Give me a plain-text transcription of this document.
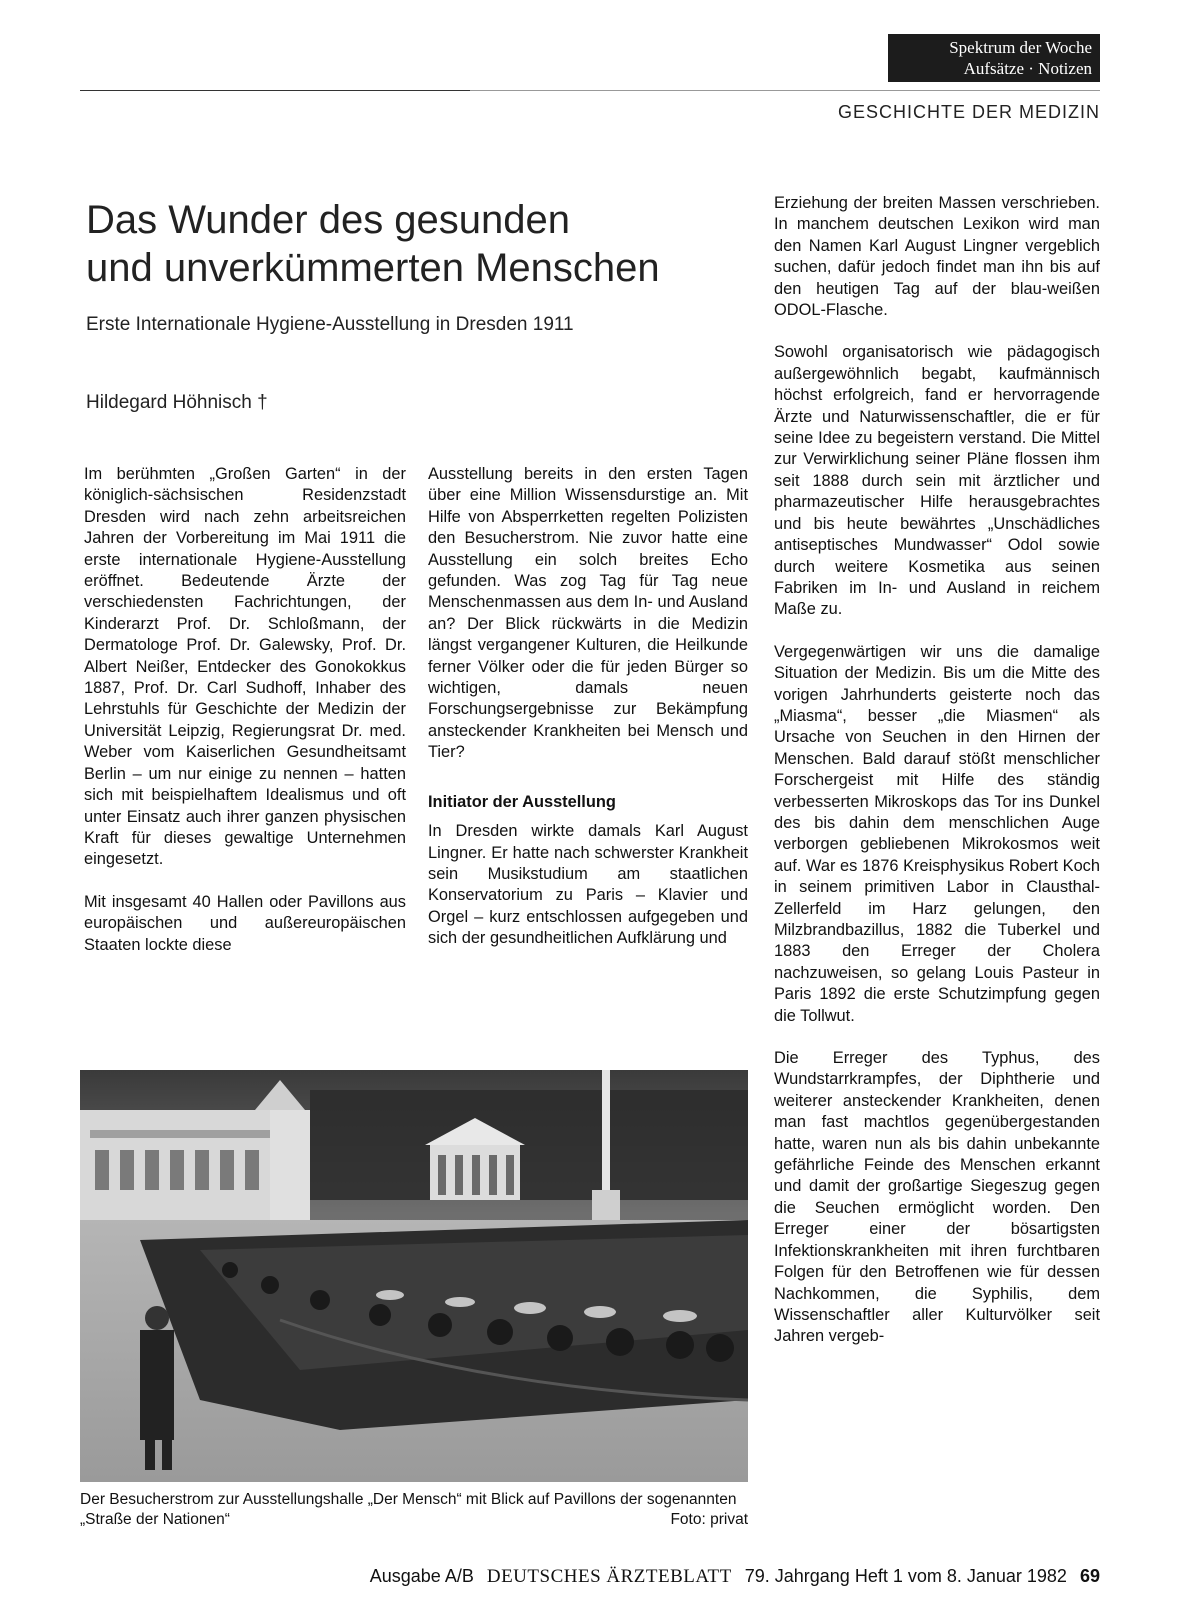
Spektrum der Woche
Aufsätze · Notizen
GESCHICHTE DER MEDIZIN
Das Wunder des gesunden
und unverkümmerten Menschen
Erste Internationale Hygiene-Ausstellung in Dresden 1911
Hildegard Höhnisch †

Im berühmten „Großen Garten“ in der königlich-sächsischen Residenzstadt Dresden wird nach zehn arbeitsreichen Jahren der Vorbereitung im Mai 1911 die erste internationale Hygiene-Ausstellung eröffnet. Bedeutende Ärzte der verschiedensten Fachrichtungen, der Kinderarzt Prof. Dr. Schloßmann, der Dermatologe Prof. Dr. Galewsky, Prof. Dr. Albert Neißer, Entdecker des Gonokokkus 1887, Prof. Dr. Carl Sudhoff, Inhaber des Lehrstuhls für Geschichte der Medizin der Universität Leipzig, Regierungsrat Dr. med. Weber vom Kaiserlichen Gesundheitsamt Berlin – um nur einige zu nennen – hatten sich mit beispielhaftem Idealismus und oft unter Einsatz auch ihrer ganzen physischen Kraft für dieses gewaltige Unternehmen eingesetzt.

Mit insgesamt 40 Hallen oder Pavillons aus europäischen und außereuropäischen Staaten lockte diese

Ausstellung bereits in den ersten Tagen über eine Million Wissensdurstige an. Mit Hilfe von Absperrketten regelten Polizisten den Besucherstrom. Nie zuvor hatte eine Ausstellung ein solch breites Echo gefunden. Was zog Tag für Tag neue Menschenmassen aus dem In- und Ausland an? Der Blick rückwärts in die Medizin längst vergangener Kulturen, die Heilkunde ferner Völker oder die für jeden Bürger so wichtigen, damals neuen Forschungsergebnisse zur Bekämpfung ansteckender Krankheiten bei Mensch und Tier?

Initiator der Ausstellung

In Dresden wirkte damals Karl August Lingner. Er hatte nach schwerster Krankheit sein Musikstudium am staatlichen Konservatorium zu Paris – Klavier und Orgel – kurz entschlossen aufgegeben und sich der gesundheitlichen Aufklärung und

Erziehung der breiten Massen verschrieben. In manchem deutschen Lexikon wird man den Namen Karl August Lingner vergeblich suchen, dafür jedoch findet man ihn bis auf den heutigen Tag auf der blau-weißen ODOL-Flasche.

Sowohl organisatorisch wie pädagogisch außergewöhnlich begabt, kaufmännisch höchst erfolgreich, fand er hervorragende Ärzte und Naturwissenschaftler, die er für seine Idee zu begeistern verstand. Die Mittel zur Verwirklichung seiner Pläne flossen ihm seit 1888 durch sein mit ärztlicher und pharmazeutischer Hilfe herausgebrachtes und bis heute bewährtes „Unschädliches antiseptisches Mundwasser“ Odol sowie durch weitere Kosmetika aus seinen Fabriken im In- und Ausland in reichem Maße zu.

Vergegenwärtigen wir uns die damalige Situation der Medizin. Bis um die Mitte des vorigen Jahrhunderts geisterte noch das „Miasma“, besser „die Miasmen“ als Ursache von Seuchen in den Hirnen der Menschen. Bald darauf stößt menschlicher Forschergeist mit Hilfe des ständig verbesserten Mikroskops das Tor ins Dunkel des bis dahin dem menschlichen Auge verborgen gebliebenen Mikrokosmos weit auf. War es 1876 Kreisphysikus Robert Koch in seinem primitiven Labor in Clausthal-Zellerfeld im Harz gelungen, den Milzbrandbazillus, 1882 die Tuberkel und 1883 den Erreger der Cholera nachzuweisen, so gelang Louis Pasteur in Paris 1892 die erste Schutzimpfung gegen die Tollwut.

Die Erreger des Typhus, des Wundstarrkrampfes, der Diphtherie und weiterer ansteckender Krankheiten, denen man fast machtlos gegenübergestanden hatte, waren nun als bis dahin unbekannte gefährliche Feinde des Menschen erkannt und damit der großartige Siegeszug gegen die Seuchen ermöglicht worden. Den Erreger einer der bösartigsten Infektionskrankheiten mit ihren furchtbaren Folgen für den Betroffenen wie für dessen Nachkommen, die Syphilis, dem Wissenschaftler aller Kulturvölker seit Jahren vergeb-

Der Besucherstrom zur Ausstellungshalle „Der Mensch“ mit Blick auf Pavillons der sogenannten „Straße der Nationen“	Foto: privat
Ausgabe A/B DEUTSCHES ÄRZTEBLATT 79. Jahrgang Heft 1 vom 8. Januar 1982 69
